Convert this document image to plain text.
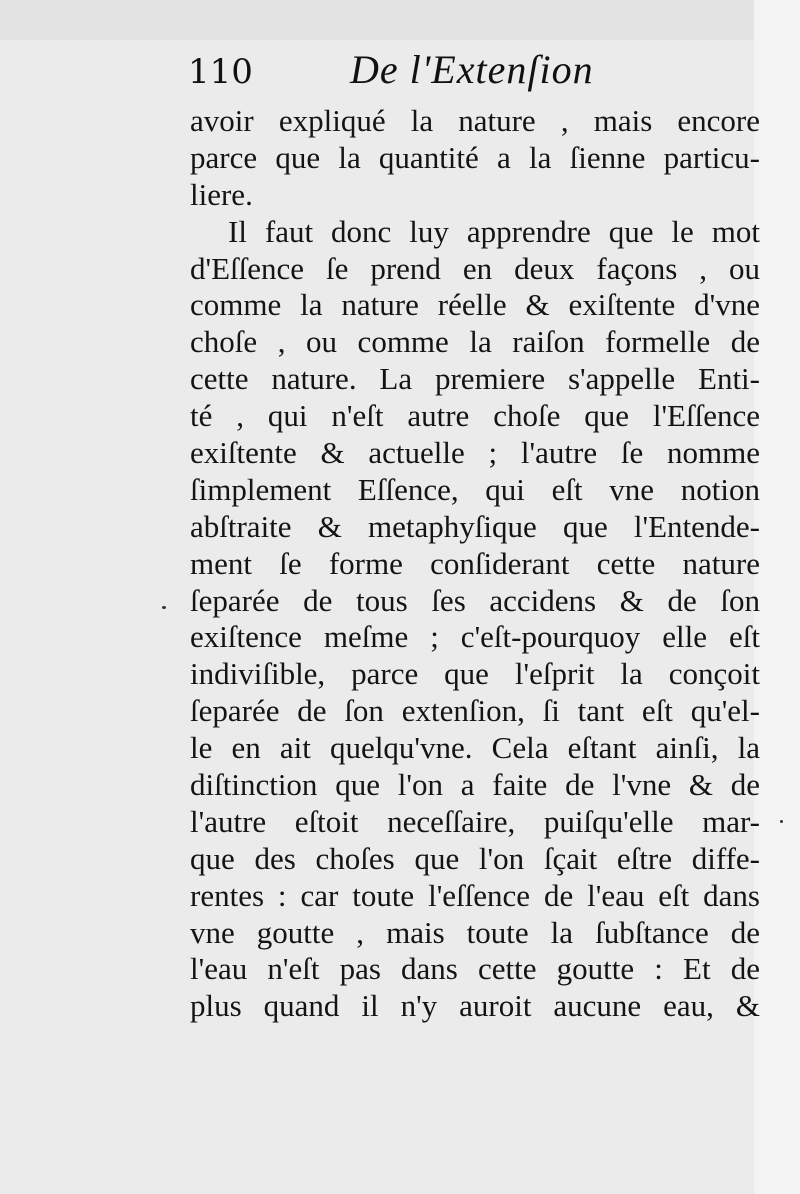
110 De l'Extenſion
avoir expliqué la nature , mais encore
parce que la quantité a la ſienne particu-
liere.
Il faut donc luy apprendre que le mot
d'Eſſence ſe prend en deux façons , ou
comme la nature réelle & exiſtente d'vne
choſe , ou comme la raiſon formelle de
cette nature. La premiere s'appelle Enti-
té , qui n'eſt autre choſe que l'Eſſence
exiſtente & actuelle ; l'autre ſe nomme
ſimplement Eſſence, qui eſt vne notion
abſtraite & metaphyſique que l'Entende-
ment ſe forme conſiderant cette nature
ſeparée de tous ſes accidens & de ſon
exiſtence meſme ; c'eſt-pourquoy elle eſt
indiviſible, parce que l'eſprit la conçoit
ſeparée de ſon extenſion, ſi tant eſt qu'el-
le en ait quelqu'vne. Cela eſtant ainſi, la
diſtinction que l'on a faite de l'vne & de
l'autre eſtoit neceſſaire, puiſqu'elle mar-
que des choſes que l'on ſçait eſtre diffe-
rentes : car toute l'eſſence de l'eau eſt dans
vne goutte , mais toute la ſubſtance de
l'eau n'eſt pas dans cette goutte : Et de
plus quand il n'y auroit aucune eau, &
